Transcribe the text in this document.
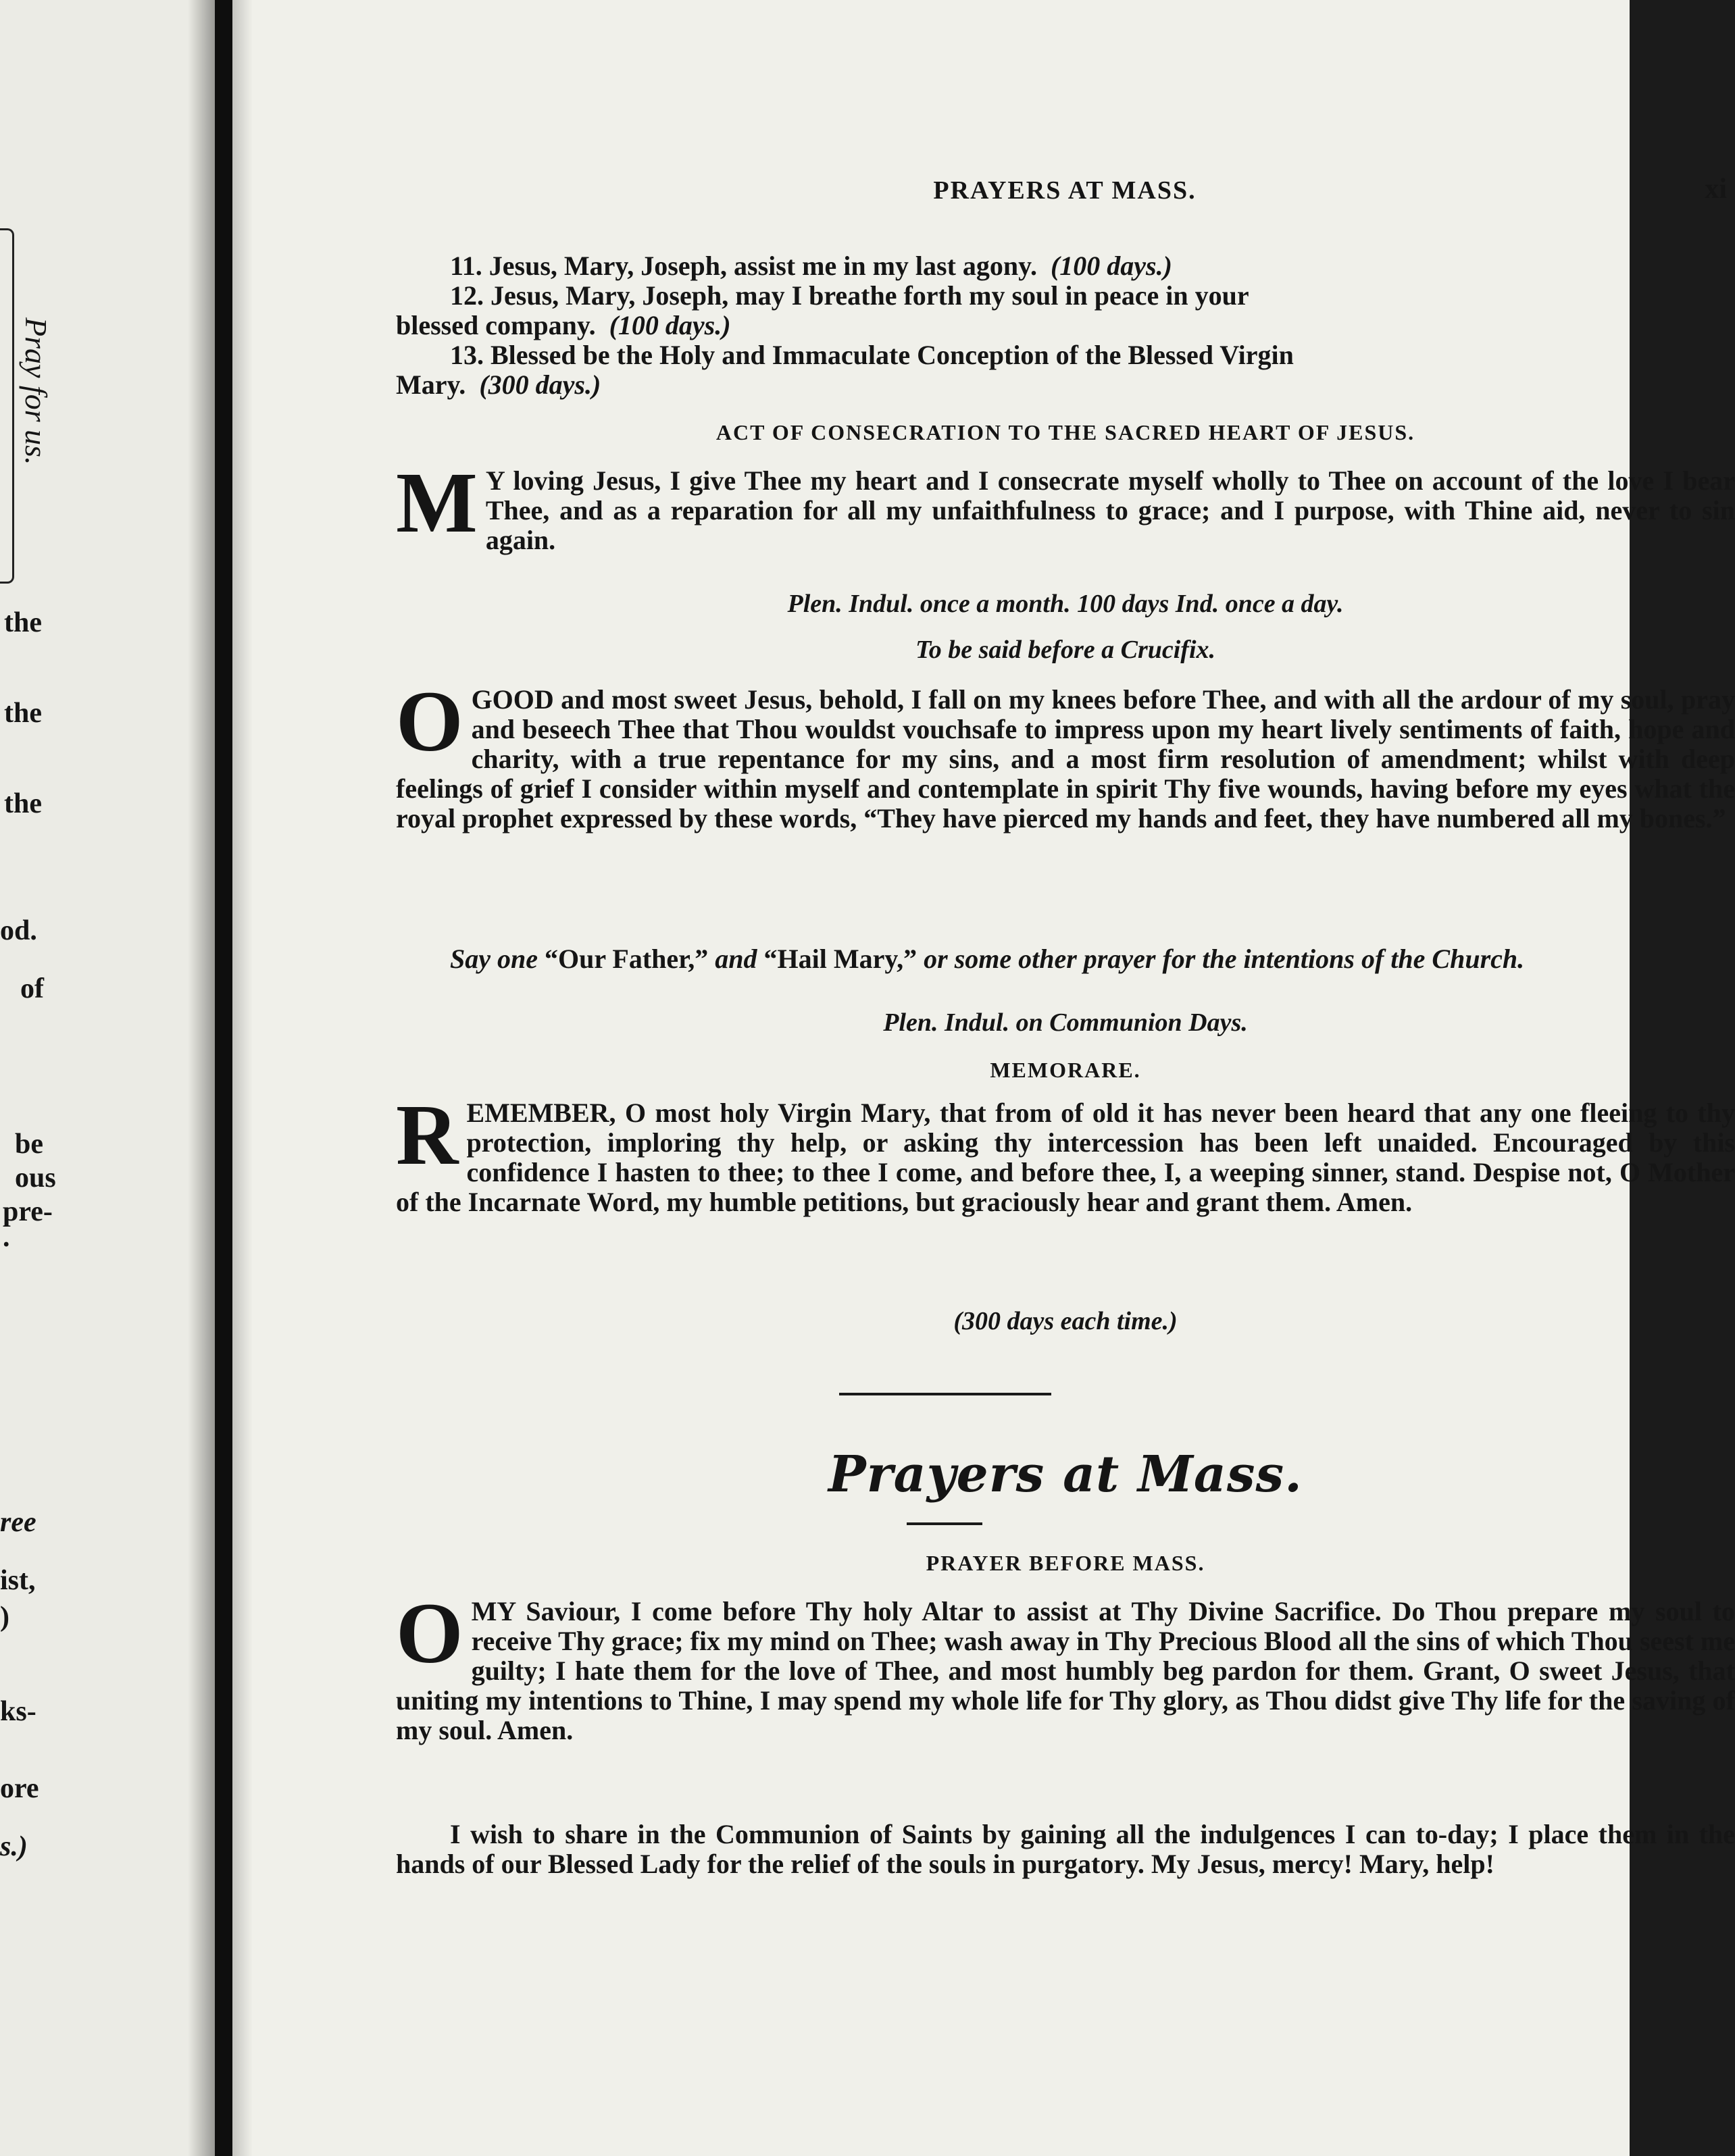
Pray for us.
the
the
the
od.
of
be
ous
pre-
.
ree
ist,
)
ks-
ore
s.)
PRAYERS AT MASS.	xi
11. Jesus, Mary, Joseph, assist me in my last agony. (100 days.)
12. Jesus, Mary, Joseph, may I breathe forth my soul in peace in your
blessed company. (100 days.)
13. Blessed be the Holy and Immaculate Conception of the Blessed Virgin
Mary. (300 days.)
ACT OF CONSECRATION TO THE SACRED HEART OF JESUS.
M Y loving Jesus, I give Thee my heart and I consecrate myself wholly to Thee on account of the love I bear Thee, and as a reparation for all my unfaithfulness to grace; and I purpose, with Thine aid, never to sin again.
Plen. Indul. once a month. 100 days Ind. once a day.
To be said before a Crucifix.
OGOOD and most sweet Jesus, behold, I fall on my knees before Thee, and with all the ardour of my soul, pray and beseech Thee that Thou wouldst vouchsafe to impress upon my heart lively sentiments of faith, hope and charity, with a true repentance for my sins, and a most firm resolution of amendment; whilst with deep feelings of grief I consider within myself and contemplate in spirit Thy five wounds, having before my eyes what the royal prophet expressed by these words, “They have pierced my hands and feet, they have numbered all my bones.”
Say one “Our Father,” and “Hail Mary,” or some other prayer for the intentions of the Church.
Plen. Indul. on Communion Days.
MEMORARE.
REMEMBER, O most holy Virgin Mary, that from of old it has never been heard that any one fleeing to thy protection, imploring thy help, or asking thy intercession has been left unaided. Encouraged by this confidence I hasten to thee; to thee I come, and before thee, I, a weeping sinner, stand. Despise not, O Mother of the Incarnate Word, my humble petitions, but graciously hear and grant them. Amen.
(300 days each time.)
Prayers at Mass.
PRAYER BEFORE MASS.
OMY Saviour, I come before Thy holy Altar to assist at Thy Divine Sacrifice. Do Thou prepare my soul to receive Thy grace; fix my mind on Thee; wash away in Thy Precious Blood all the sins of which Thou seest me guilty; I hate them for the love of Thee, and most humbly beg pardon for them. Grant, O sweet Jesus, that uniting my intentions to Thine, I may spend my whole life for Thy glory, as Thou didst give Thy life for the saving of my soul. Amen.
I wish to share in the Communion of Saints by gaining all the indulgences I can to-day; I place them in the hands of our Blessed Lady for the relief of the souls in purgatory. My Jesus, mercy! Mary, help!
